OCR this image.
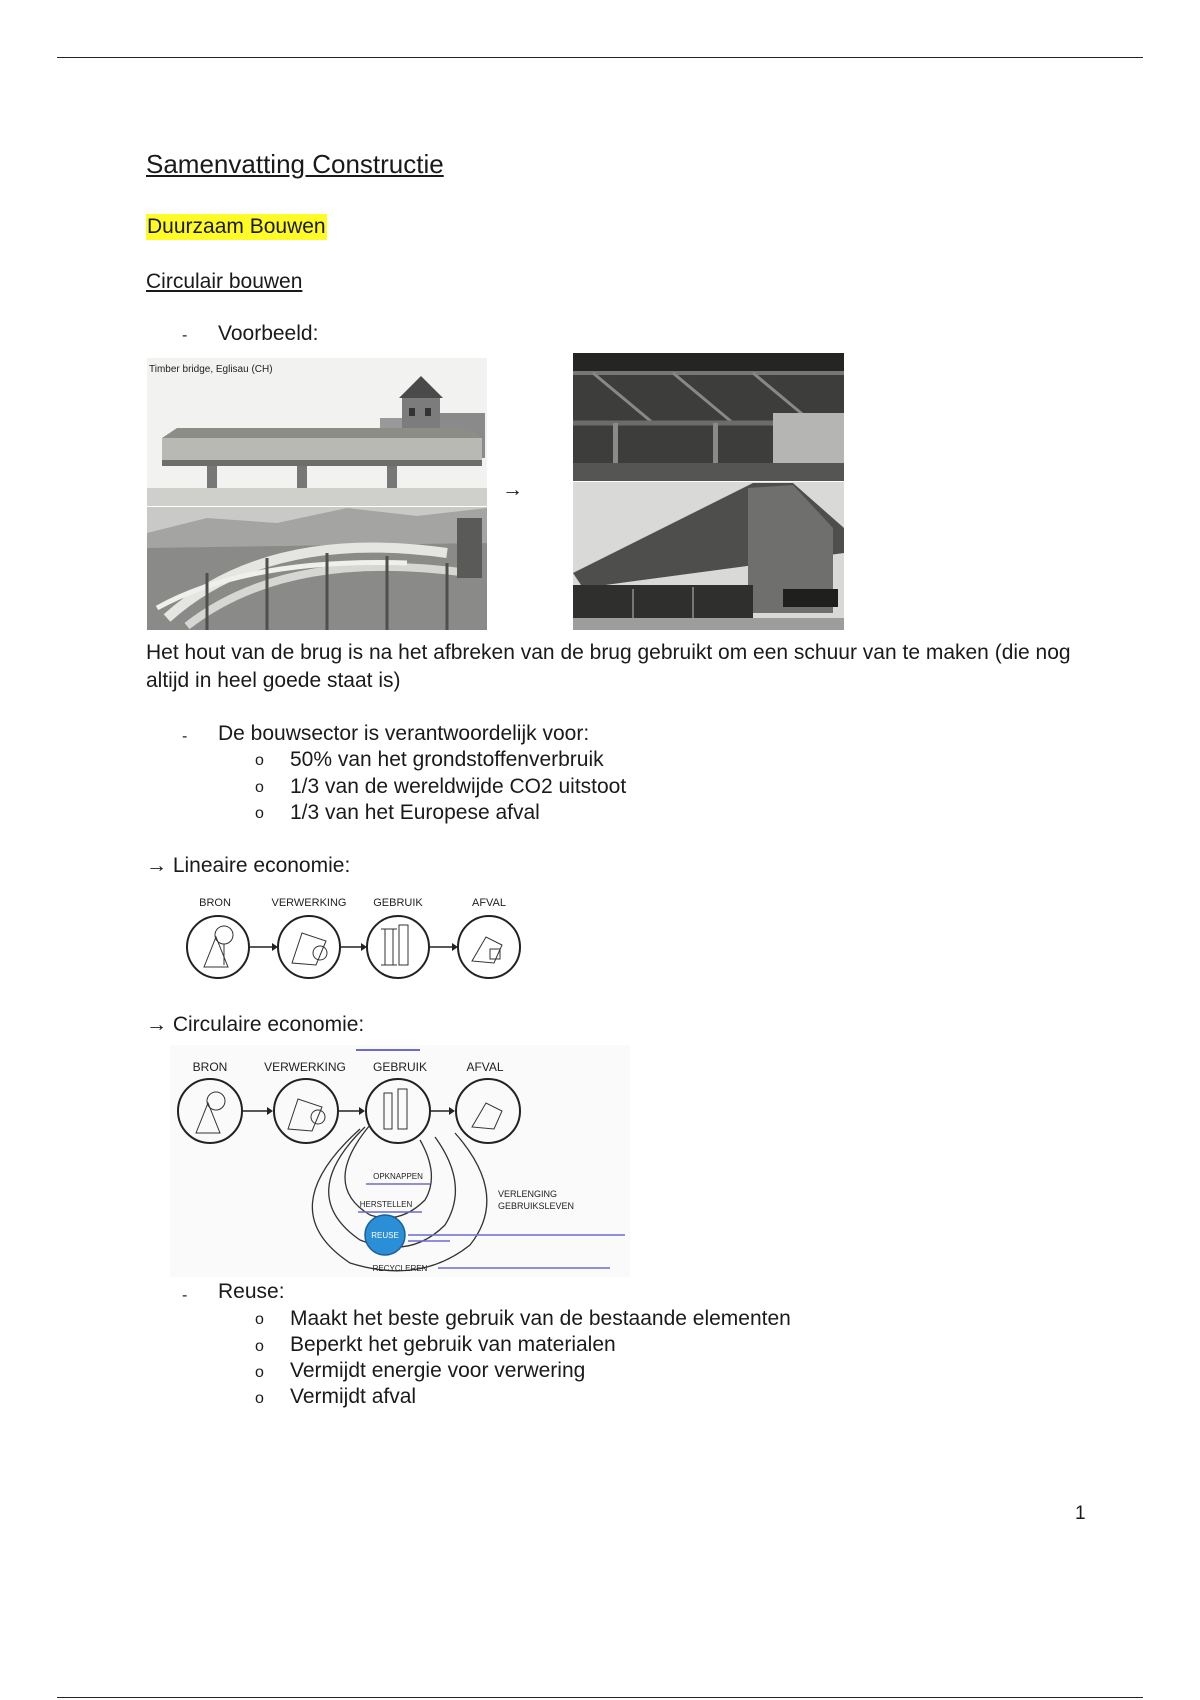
Samenvatting Constructie
Duurzaam Bouwen
Circulair bouwen
- Voorbeeld:
Timber bridge, Eglisau (CH)
→
Het hout van de brug is na het afbreken van de brug gebruikt om een schuur van te maken (die nog altijd in heel goede staat is)
- De bouwsector is verantwoordelijk voor:
o 50% van het grondstoffenverbruik
o 1/3 van de wereldwijde CO2 uitstoot
o 1/3 van het Europese afval
→ Lineaire economie:
BRON	VERWERKING GEBRUIK	AFVAL
→ Circulaire economie:
BRON	VERWERKING GEBRUIK	AFVAL
OPKNAPPEN
HERSTELLEN
REUSE
RECYCLEREN
VERLENGING
GEBRUIKSLEVEN
- Reuse:
o Maakt het beste gebruik van de bestaande elementen
o Beperkt het gebruik van materialen
o Vermijdt energie voor verwering
o Vermijdt afval
1
